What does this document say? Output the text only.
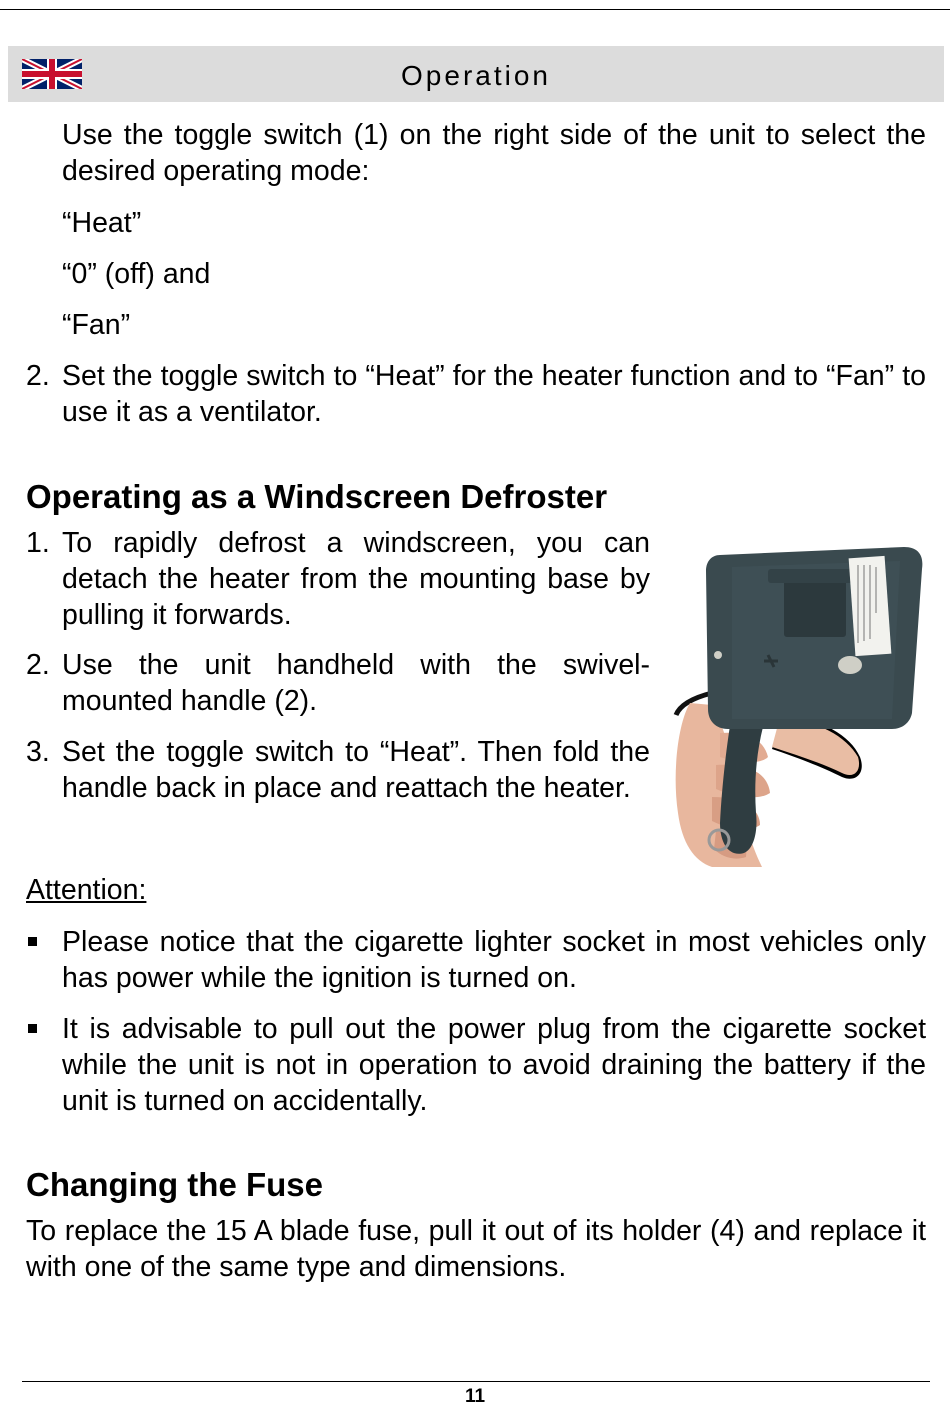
Operation

Use the toggle switch (1) on the right side of the unit to select the desired operating mode:

“Heat”
“0” (off) and
“Fan”
2. Set the toggle switch to “Heat” for the heater function and to “Fan” to use it as a ventilator.

Operating as a Windscreen Defroster
1. To rapidly defrost a windscreen, you can detach the heater from the mounting base by pulling it forwards.

2. Use the unit handheld with the swivel-mounted handle (2).

3. Set the toggle switch to “Heat”. Then fold the handle back in place and reattach the heater.

Attention:

Please notice that the cigarette lighter socket in most vehicles only has power while the ignition is turned on.

It is advisable to pull out the power plug from the cigarette socket while the unit is not in operation to avoid draining the battery if the unit is turned on accidentally.

Changing the Fuse

To replace the 15 A blade fuse, pull it out of its holder (4) and replace it with one of the same type and dimensions.

11
